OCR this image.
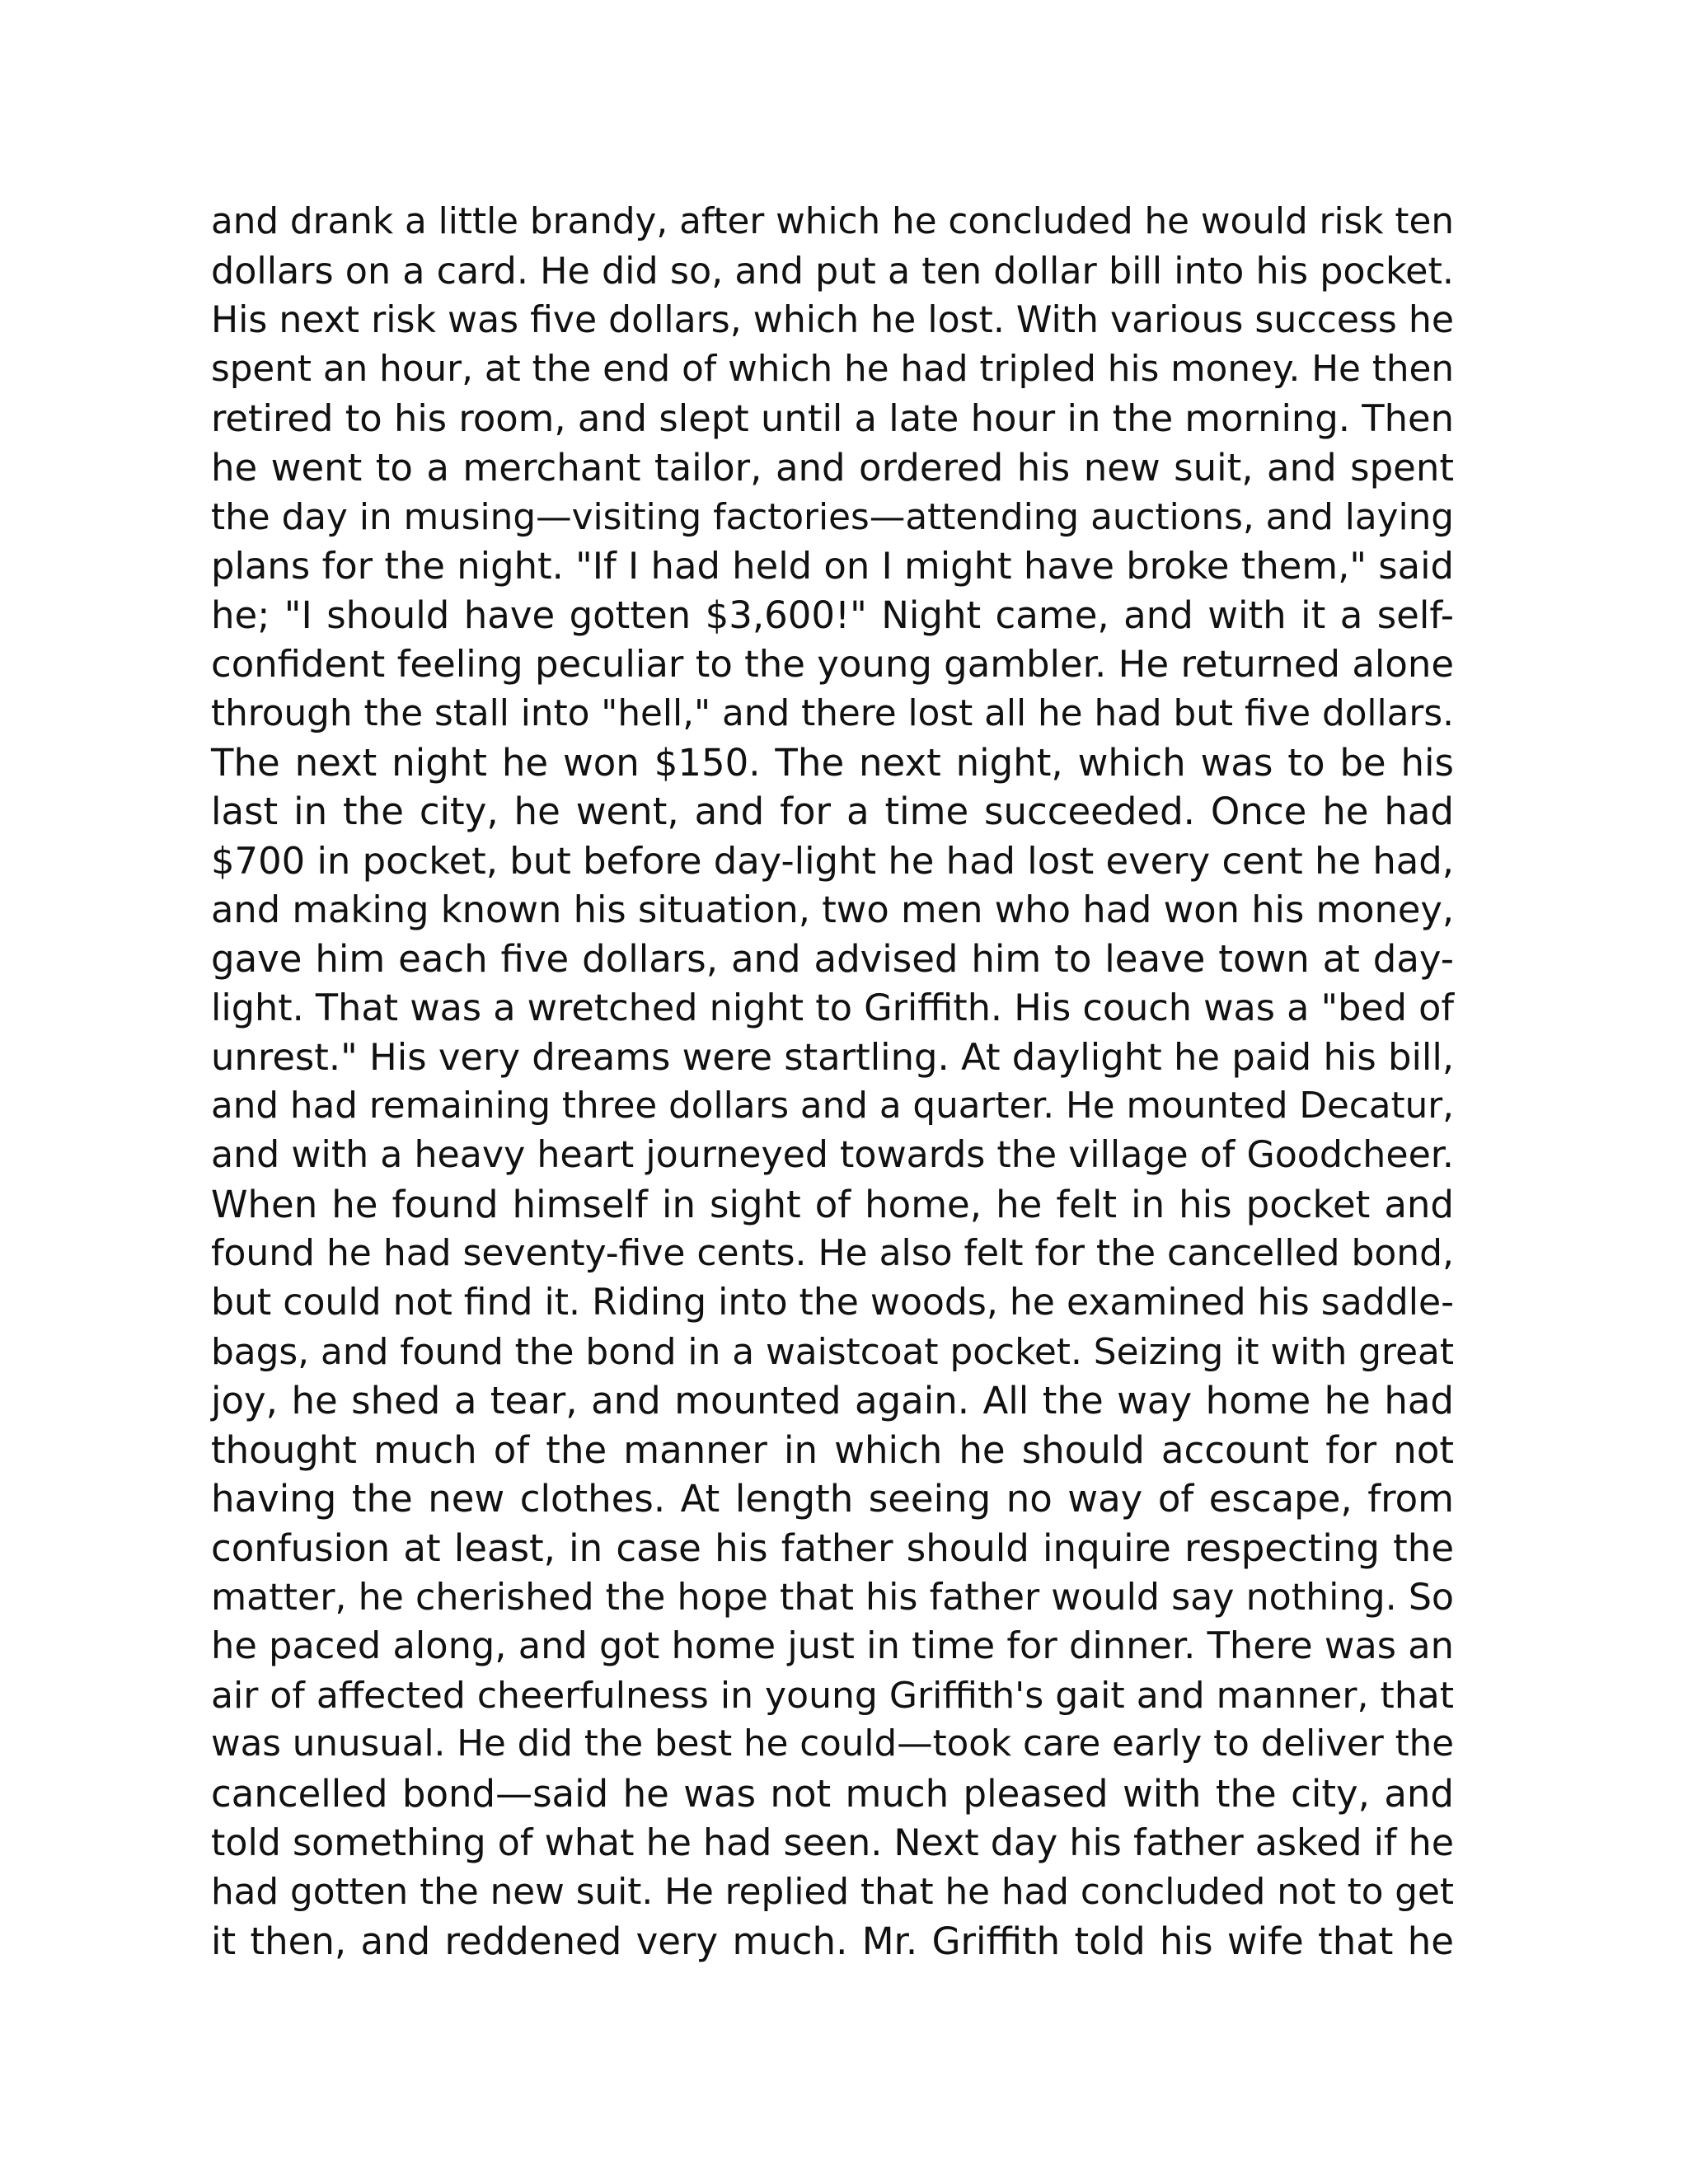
and drank a little brandy, after which he concluded he would risk ten
dollars on a card. He did so, and put a ten dollar bill into his pocket.
His next risk was five dollars, which he lost. With various success he
spent an hour, at the end of which he had tripled his money. He then
retired to his room, and slept until a late hour in the morning. Then
he went to a merchant tailor, and ordered his new suit, and spent
the day in musing—visiting factories—attending auctions, and laying
plans for the night. "If I had held on I might have broke them," said
he; "I should have gotten $3,600!" Night came, and with it a self-
confident feeling peculiar to the young gambler. He returned alone
through the stall into "hell," and there lost all he had but five dollars.
The next night he won $150. The next night, which was to be his
last in the city, he went, and for a time succeeded. Once he had
$700 in pocket, but before day-light he had lost every cent he had,
and making known his situation, two men who had won his money,
gave him each five dollars, and advised him to leave town at day-
light. That was a wretched night to Griffith. His couch was a "bed of
unrest." His very dreams were startling. At daylight he paid his bill,
and had remaining three dollars and a quarter. He mounted Decatur,
and with a heavy heart journeyed towards the village of Goodcheer.
When he found himself in sight of home, he felt in his pocket and
found he had seventy-five cents. He also felt for the cancelled bond,
but could not find it. Riding into the woods, he examined his saddle-
bags, and found the bond in a waistcoat pocket. Seizing it with great
joy, he shed a tear, and mounted again. All the way home he had
thought much of the manner in which he should account for not
having the new clothes. At length seeing no way of escape, from
confusion at least, in case his father should inquire respecting the
matter, he cherished the hope that his father would say nothing. So
he paced along, and got home just in time for dinner. There was an
air of affected cheerfulness in young Griffith's gait and manner, that
was unusual. He did the best he could—took care early to deliver the
cancelled bond—said he was not much pleased with the city, and
told something of what he had seen. Next day his father asked if he
had gotten the new suit. He replied that he had concluded not to get
it then, and reddened very much. Mr. Griffith told his wife that he
